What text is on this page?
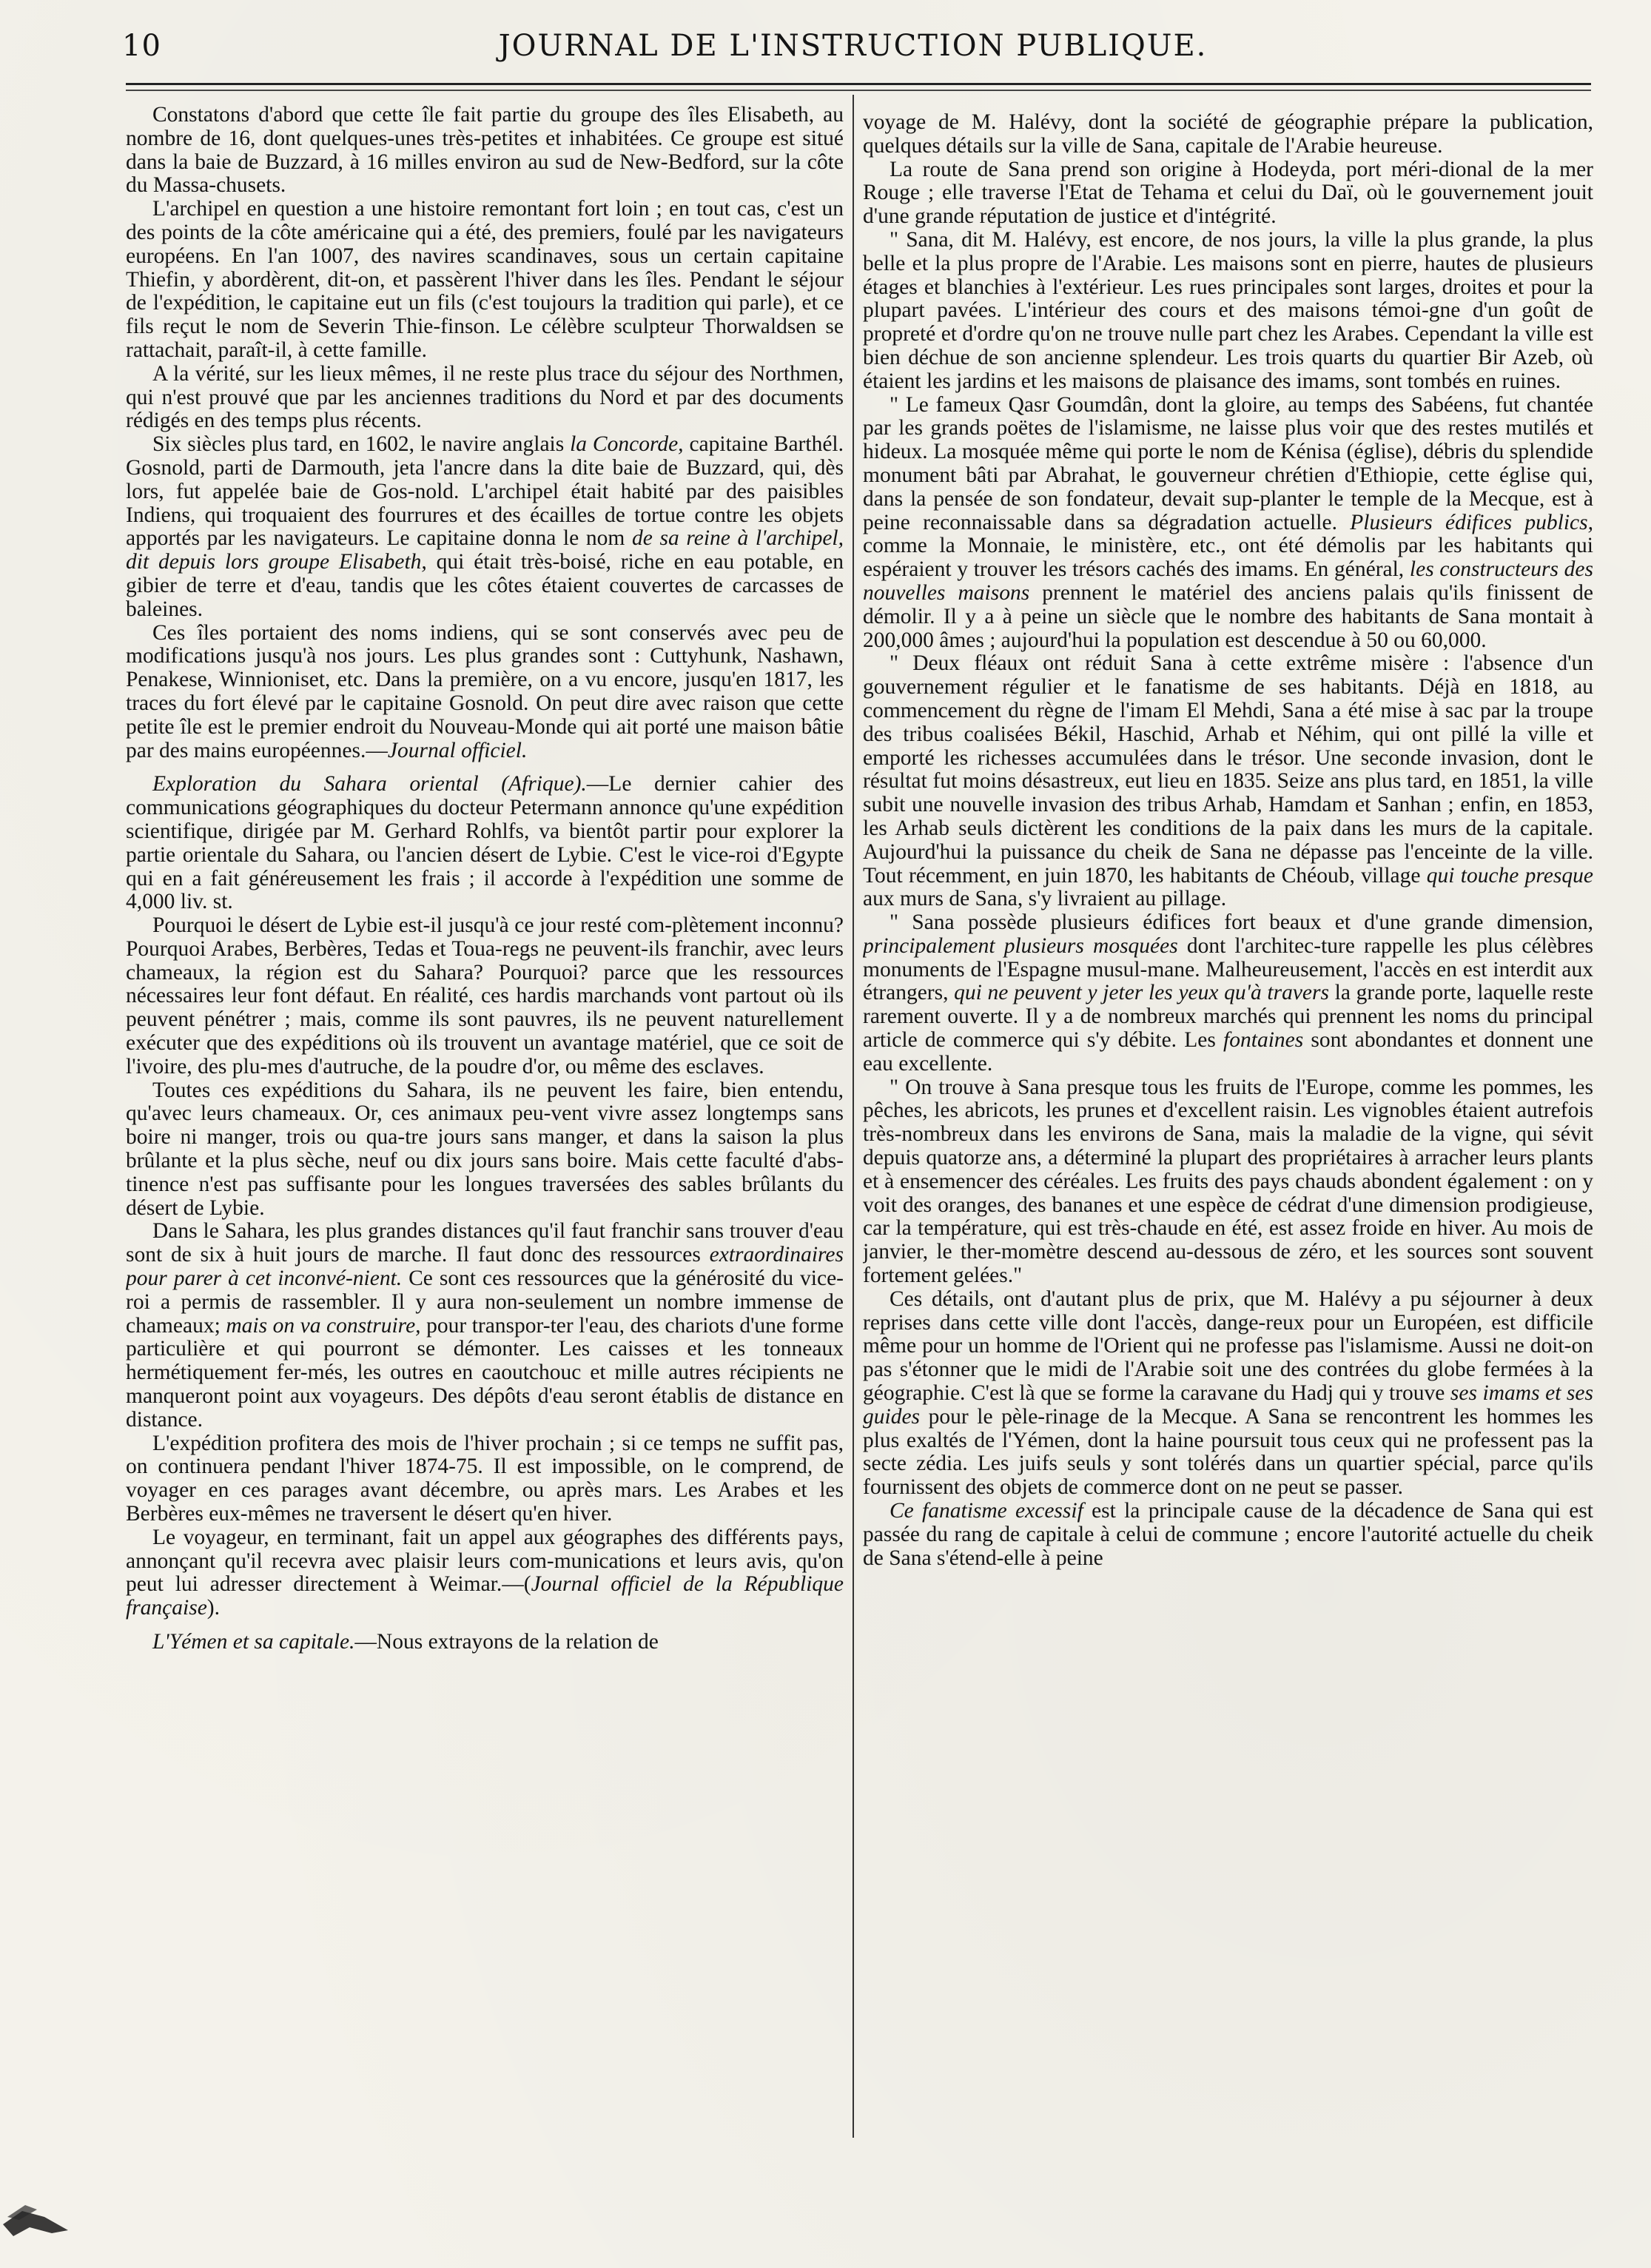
10	JOURNAL DE L'INSTRUCTION PUBLIQUE.

Constatons d'abord que cette île fait partie du groupe des îles Elisabeth, au nombre de 16, dont quelques-unes très-petites et inhabitées. Ce groupe est situé dans la baie de Buzzard, à 16 milles environ au sud de New-Bedford, sur la côte du Massa-chusets.

L'archipel en question a une histoire remontant fort loin ; en tout cas, c'est un des points de la côte américaine qui a été, des premiers, foulé par les navigateurs européens. En l'an 1007, des navires scandinaves, sous un certain capitaine Thiefin, y abordèrent, dit-on, et passèrent l'hiver dans les îles. Pendant le séjour de l'expédition, le capitaine eut un fils (c'est toujours la tradition qui parle), et ce fils reçut le nom de Severin Thie-finson. Le célèbre sculpteur Thorwaldsen se rattachait, paraît-il, à cette famille.

A la vérité, sur les lieux mêmes, il ne reste plus trace du séjour des Northmen, qui n'est prouvé que par les anciennes traditions du Nord et par des documents rédigés en des temps plus récents.

Six siècles plus tard, en 1602, le navire anglais la Concorde, capitaine Barthél. Gosnold, parti de Darmouth, jeta l'ancre dans la dite baie de Buzzard, qui, dès lors, fut appelée baie de Gos-nold. L'archipel était habité par des paisibles Indiens, qui troquaient des fourrures et des écailles de tortue contre les objets apportés par les navigateurs. Le capitaine donna le nom de sa reine à l'archipel, dit depuis lors groupe Elisabeth, qui était très-boisé, riche en eau potable, en gibier de terre et d'eau, tandis que les côtes étaient couvertes de carcasses de baleines.

Ces îles portaient des noms indiens, qui se sont conservés avec peu de modifications jusqu'à nos jours. Les plus grandes sont : Cuttyhunk, Nashawn, Penakese, Winnioniset, etc. Dans la première, on a vu encore, jusqu'en 1817, les traces du fort élevé par le capitaine Gosnold. On peut dire avec raison que cette petite île est le premier endroit du Nouveau-Monde qui ait porté une maison bâtie par des mains européennes.—Journal officiel.

Exploration du Sahara oriental (Afrique).—Le dernier cahier des communications géographiques du docteur Petermann annonce qu'une expédition scientifique, dirigée par M. Gerhard Rohlfs, va bientôt partir pour explorer la partie orientale du Sahara, ou l'ancien désert de Lybie. C'est le vice-roi d'Egypte qui en a fait généreusement les frais ; il accorde à l'expédition une somme de 4,000 liv. st.

Pourquoi le désert de Lybie est-il jusqu'à ce jour resté com-plètement inconnu? Pourquoi Arabes, Berbères, Tedas et Toua-regs ne peuvent-ils franchir, avec leurs chameaux, la région est du Sahara? Pourquoi? parce que les ressources nécessaires leur font défaut. En réalité, ces hardis marchands vont partout où ils peuvent pénétrer ; mais, comme ils sont pauvres, ils ne peuvent naturellement exécuter que des expéditions où ils trouvent un avantage matériel, que ce soit de l'ivoire, des plu-mes d'autruche, de la poudre d'or, ou même des esclaves.

Toutes ces expéditions du Sahara, ils ne peuvent les faire, bien entendu, qu'avec leurs chameaux. Or, ces animaux peu-vent vivre assez longtemps sans boire ni manger, trois ou qua-tre jours sans manger, et dans la saison la plus brûlante et la plus sèche, neuf ou dix jours sans boire. Mais cette faculté d'abs-tinence n'est pas suffisante pour les longues traversées des sables brûlants du désert de Lybie.

Dans le Sahara, les plus grandes distances qu'il faut franchir sans trouver d'eau sont de six à huit jours de marche. Il faut donc des ressources extraordinaires pour parer à cet inconvé-nient. Ce sont ces ressources que la générosité du vice-roi a permis de rassembler. Il y aura non-seulement un nombre immense de chameaux; mais on va construire, pour transpor-ter l'eau, des chariots d'une forme particulière et qui pourront se démonter. Les caisses et les tonneaux hermétiquement fer-més, les outres en caoutchouc et mille autres récipients ne manqueront point aux voyageurs. Des dépôts d'eau seront établis de distance en distance.

L'expédition profitera des mois de l'hiver prochain ; si ce temps ne suffit pas, on continuera pendant l'hiver 1874-75. Il est impossible, on le comprend, de voyager en ces parages avant décembre, ou après mars. Les Arabes et les Berbères eux-mêmes ne traversent le désert qu'en hiver.

Le voyageur, en terminant, fait un appel aux géographes des différents pays, annonçant qu'il recevra avec plaisir leurs com-munications et leurs avis, qu'on peut lui adresser directement à Weimar.—(Journal officiel de la République française).

L'Yémen et sa capitale.—Nous extrayons de la relation de

voyage de M. Halévy, dont la société de géographie prépare la publication, quelques détails sur la ville de Sana, capitale de l'Arabie heureuse.

La route de Sana prend son origine à Hodeyda, port méri-dional de la mer Rouge ; elle traverse l'Etat de Tehama et celui du Daï, où le gouvernement jouit d'une grande réputation de justice et d'intégrité.

" Sana, dit M. Halévy, est encore, de nos jours, la ville la plus grande, la plus belle et la plus propre de l'Arabie. Les maisons sont en pierre, hautes de plusieurs étages et blanchies à l'extérieur. Les rues principales sont larges, droites et pour la plupart pavées. L'intérieur des cours et des maisons témoi-gne d'un goût de propreté et d'ordre qu'on ne trouve nulle part chez les Arabes. Cependant la ville est bien déchue de son ancienne splendeur. Les trois quarts du quartier Bir Azeb, où étaient les jardins et les maisons de plaisance des imams, sont tombés en ruines.

" Le fameux Qasr Goumdân, dont la gloire, au temps des Sabéens, fut chantée par les grands poëtes de l'islamisme, ne laisse plus voir que des restes mutilés et hideux. La mosquée même qui porte le nom de Kénisa (église), débris du splendide monument bâti par Abrahat, le gouverneur chrétien d'Ethiopie, cette église qui, dans la pensée de son fondateur, devait sup-planter le temple de la Mecque, est à peine reconnaissable dans sa dégradation actuelle. Plusieurs édifices publics, comme la Monnaie, le ministère, etc., ont été démolis par les habitants qui espéraient y trouver les trésors cachés des imams. En général, les constructeurs des nouvelles maisons prennent le matériel des anciens palais qu'ils finissent de démolir. Il y a à peine un siècle que le nombre des habitants de Sana montait à 200,000 âmes ; aujourd'hui la population est descendue à 50 ou 60,000.

" Deux fléaux ont réduit Sana à cette extrême misère : l'absence d'un gouvernement régulier et le fanatisme de ses habitants. Déjà en 1818, au commencement du règne de l'imam El Mehdi, Sana a été mise à sac par la troupe des tribus coalisées Békil, Haschid, Arhab et Néhim, qui ont pillé la ville et emporté les richesses accumulées dans le trésor. Une seconde invasion, dont le résultat fut moins désastreux, eut lieu en 1835. Seize ans plus tard, en 1851, la ville subit une nouvelle invasion des tribus Arhab, Hamdam et Sanhan ; enfin, en 1853, les Arhab seuls dictèrent les conditions de la paix dans les murs de la capitale. Aujourd'hui la puissance du cheik de Sana ne dépasse pas l'enceinte de la ville. Tout récemment, en juin 1870, les habitants de Chéoub, village qui touche presque aux murs de Sana, s'y livraient au pillage.

" Sana possède plusieurs édifices fort beaux et d'une grande dimension, principalement plusieurs mosquées dont l'architec-ture rappelle les plus célèbres monuments de l'Espagne musul-mane. Malheureusement, l'accès en est interdit aux étrangers, qui ne peuvent y jeter les yeux qu'à travers la grande porte, laquelle reste rarement ouverte. Il y a de nombreux marchés qui prennent les noms du principal article de commerce qui s'y débite. Les fontaines sont abondantes et donnent une eau excellente.

" On trouve à Sana presque tous les fruits de l'Europe, comme les pommes, les pêches, les abricots, les prunes et d'excellent raisin. Les vignobles étaient autrefois très-nombreux dans les environs de Sana, mais la maladie de la vigne, qui sévit depuis quatorze ans, a déterminé la plupart des propriétaires à arracher leurs plants et à ensemencer des céréales. Les fruits des pays chauds abondent également : on y voit des oranges, des bananes et une espèce de cédrat d'une dimension prodigieuse, car la température, qui est très-chaude en été, est assez froide en hiver. Au mois de janvier, le ther-momètre descend au-dessous de zéro, et les sources sont souvent fortement gelées."

Ces détails, ont d'autant plus de prix, que M. Halévy a pu séjourner à deux reprises dans cette ville dont l'accès, dange-reux pour un Européen, est difficile même pour un homme de l'Orient qui ne professe pas l'islamisme. Aussi ne doit-on pas s'étonner que le midi de l'Arabie soit une des contrées du globe fermées à la géographie. C'est là que se forme la caravane du Hadj qui y trouve ses imams et ses guides pour le pèle-rinage de la Mecque. A Sana se rencontrent les hommes les plus exaltés de l'Yémen, dont la haine poursuit tous ceux qui ne professent pas la secte zédia. Les juifs seuls y sont tolérés dans un quartier spécial, parce qu'ils fournissent des objets de commerce dont on ne peut se passer.

Ce fanatisme excessif est la principale cause de la décadence de Sana qui est passée du rang de capitale à celui de commune ; encore l'autorité actuelle du cheik de Sana s'étend-elle à peine
